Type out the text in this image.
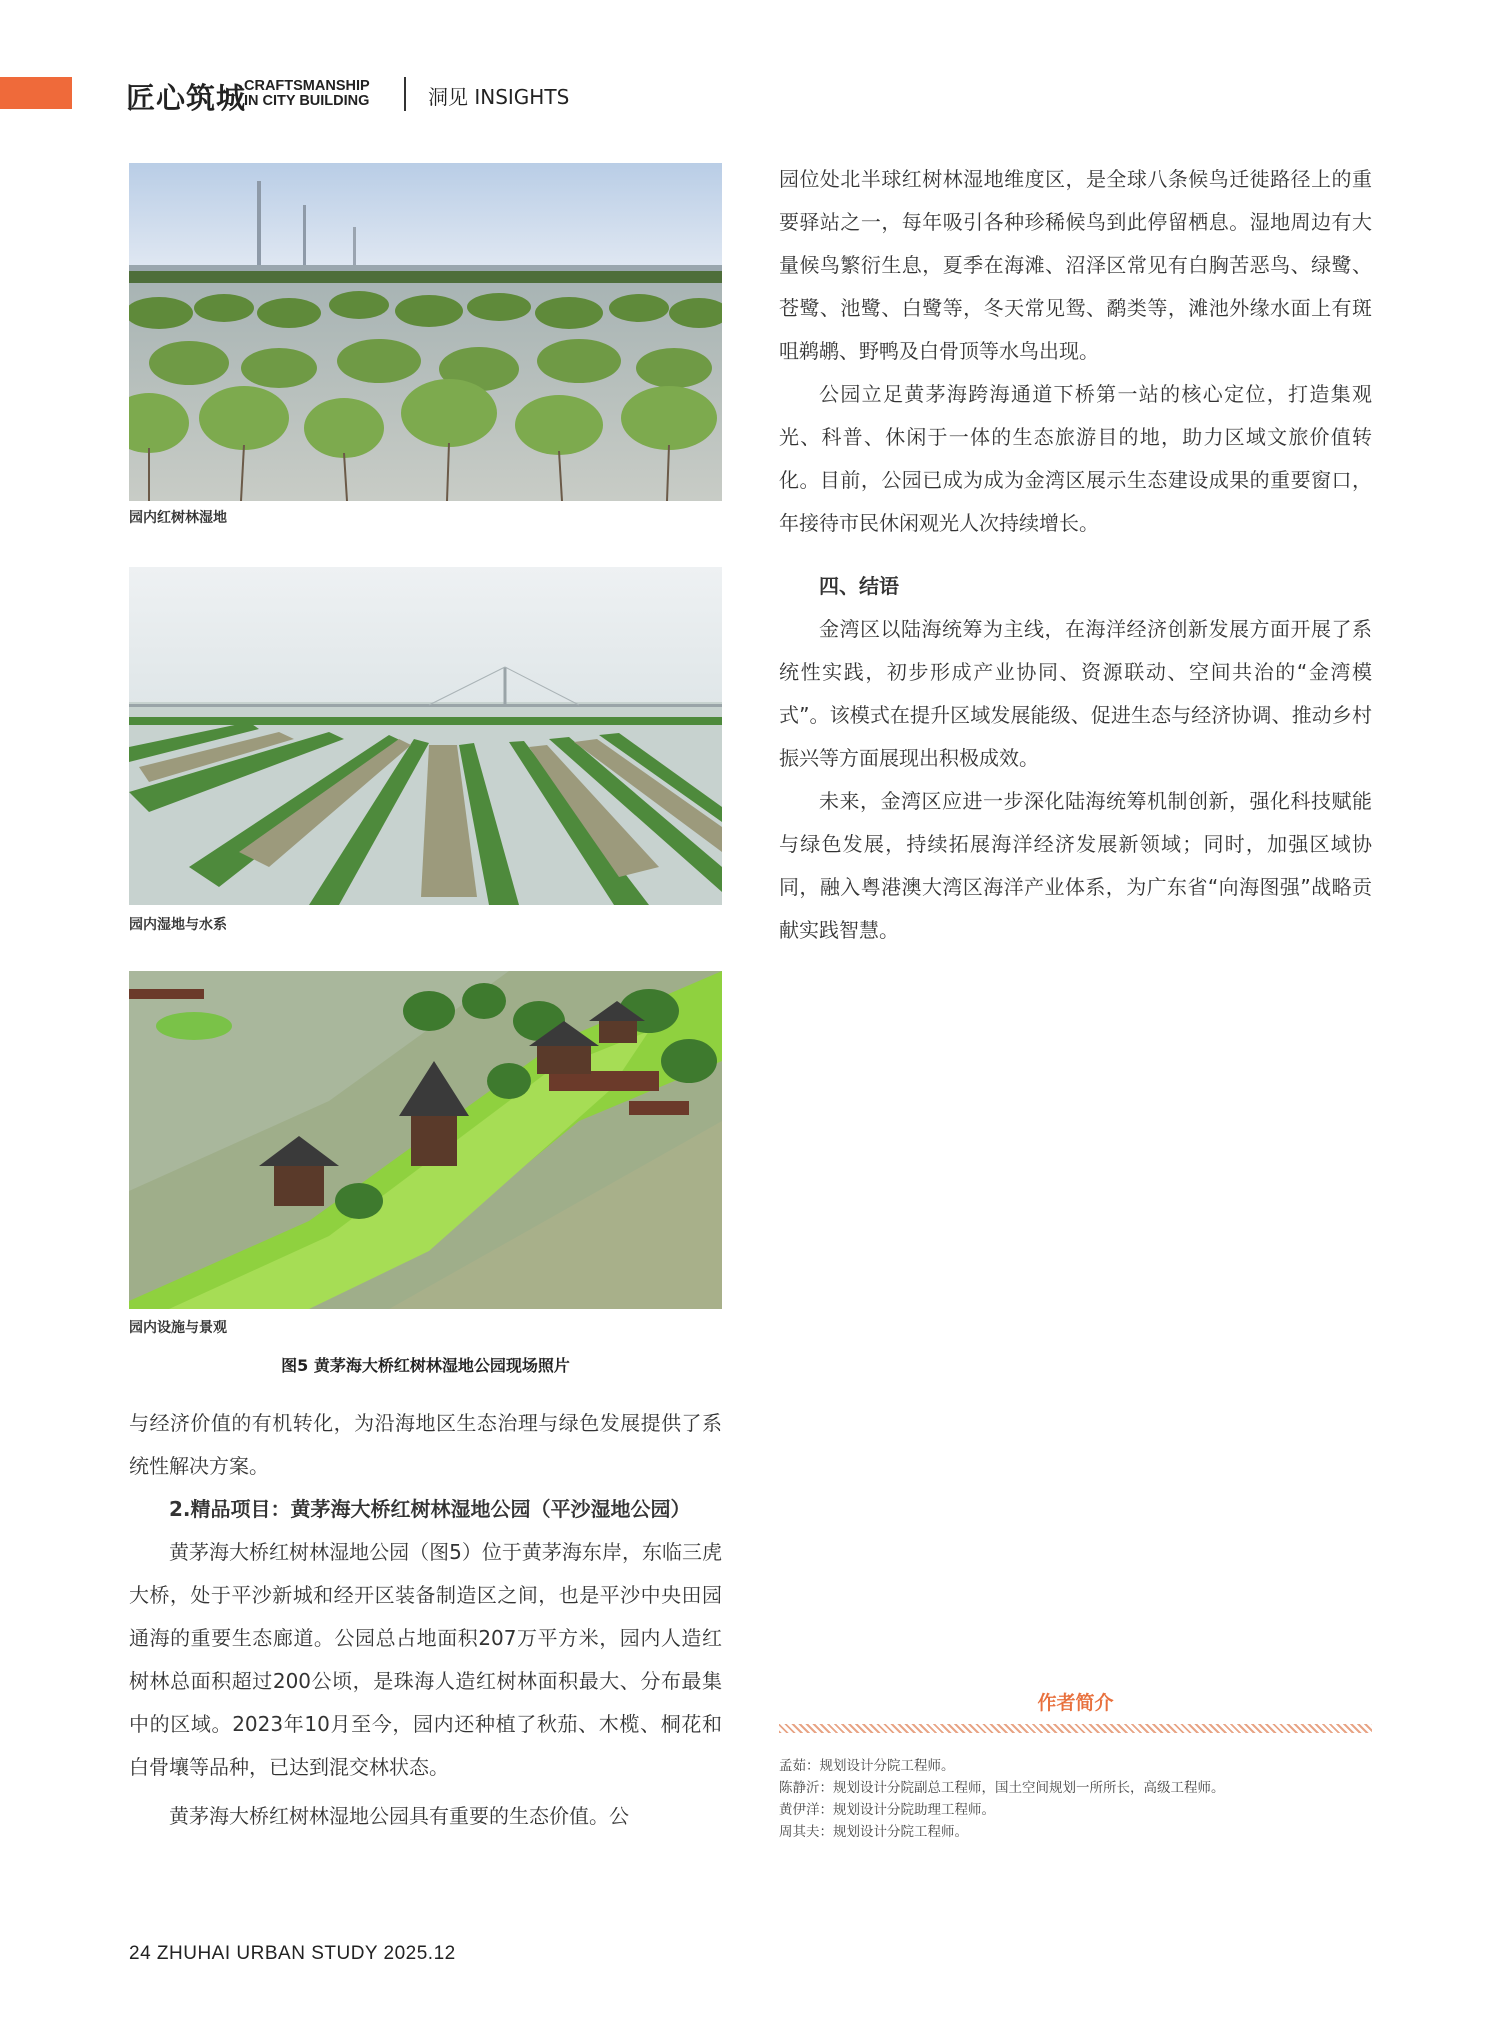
匠心筑城
CRAFTSMANSHIP
IN CITY BUILDING	洞见 INSIGHTS
园内红树林湿地
园内湿地与水系
园内设施与景观
图5 黄茅海大桥红树林湿地公园现场照片

与经济价值的有机转化，为沿海地区生态治理与绿色发展提供了系统性解决方案。

2.精品项目：黄茅海大桥红树林湿地公园（平沙湿地公园）

黄茅海大桥红树林湿地公园（图5）位于黄茅海东岸，东临三虎大桥，处于平沙新城和经开区装备制造区之间，也是平沙中央田园通海的重要生态廊道。公园总占地面积207万平方米，园内人造红树林总面积超过200公顷，是珠海人造红树林面积最大、分布最集中的区域。2023年10月至今，园内还种植了秋茄、木榄、桐花和白骨壤等品种，已达到混交林状态。

黄茅海大桥红树林湿地公园具有重要的生态价值。公

园位处北半球红树林湿地维度区，是全球八条候鸟迁徙路径上的重要驿站之一，每年吸引各种珍稀候鸟到此停留栖息。湿地周边有大量候鸟繁衍生息，夏季在海滩、沼泽区常见有白胸苦恶鸟、绿鹭、苍鹭、池鹭、白鹭等，冬天常见鸳、鹬类等，滩池外缘水面上有斑咀鹈鹕、野鸭及白骨顶等水鸟出现。

公园立足黄茅海跨海通道下桥第一站的核心定位，打造集观光、科普、休闲于一体的生态旅游目的地，助力区域文旅价值转化。目前，公园已成为成为金湾区展示生态建设成果的重要窗口，年接待市民休闲观光人次持续增长。

四、结语

金湾区以陆海统筹为主线，在海洋经济创新发展方面开展了系统性实践，初步形成产业协同、资源联动、空间共治的“金湾模式”。该模式在提升区域发展能级、促进生态与经济协调、推动乡村振兴等方面展现出积极成效。

未来，金湾区应进一步深化陆海统筹机制创新，强化科技赋能与绿色发展，持续拓展海洋经济发展新领域；同时，加强区域协同，融入粤港澳大湾区海洋产业体系，为广东省“向海图强”战略贡献实践智慧。

作者简介
孟茹：规划设计分院工程师。
陈静沂：规划设计分院副总工程师，国土空间规划一所所长，高级工程师。
黄伊洋：规划设计分院助理工程师。
周其夫：规划设计分院工程师。
24 ZHUHAI URBAN STUDY 2025.12
